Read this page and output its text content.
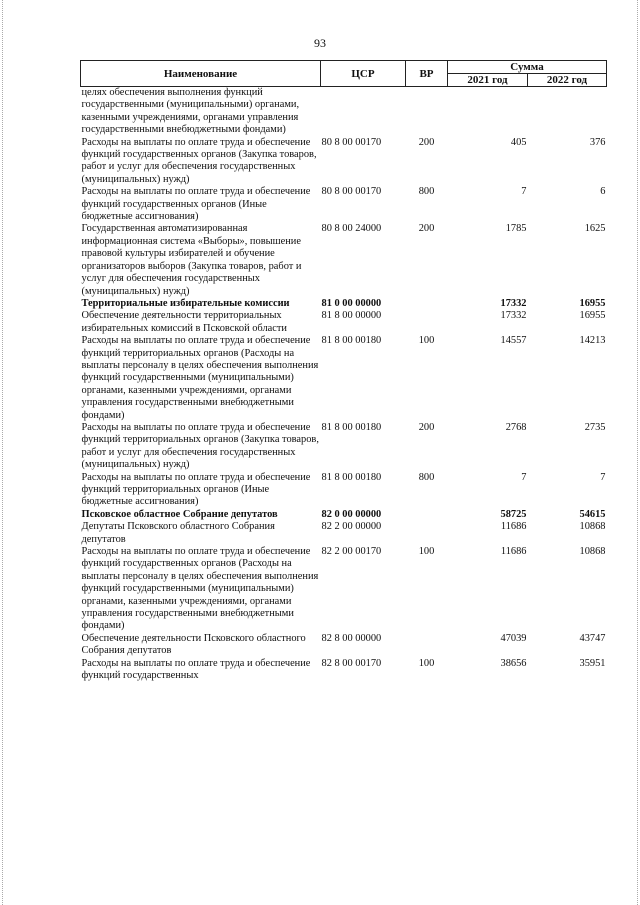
93
Наименование	ЦСР	ВР	Сумма	
			2021 год	2022 год
целях обеспечения выполнения функций государственными (муниципальными) органами, казенными учреждениями, органами управления государственными внебюджетными фондами)				
Расходы на выплаты по оплате труда и обеспечение функций государственных органов (Закупка товаров, работ и услуг для обеспечения государственных (муниципальных) нужд)	80 8 00 00170	200	405	376
Расходы на выплаты по оплате труда и обеспечение функций государственных органов (Иные бюджетные ассигнования)	80 8 00 00170	800	7	6
Государственная автоматизированная информационная система «Выборы», повышение правовой культуры избирателей и обучение организаторов выборов (Закупка товаров, работ и услуг для обеспечения государственных (муниципальных) нужд)	80 8 00 24000	200	1785	1625
Территориальные избирательные комиссии	81 0 00 00000		17332	16955
Обеспечение деятельности территориальных избирательных комиссий в Псковской области	81 8 00 00000		17332	16955
Расходы на выплаты по оплате труда и обеспечение функций территориальных органов (Расходы на выплаты персоналу в целях обеспечения выполнения функций государственными (муниципальными) органами, казенными учреждениями, органами управления государственными внебюджетными фондами)	81 8 00 00180	100	14557	14213
Расходы на выплаты по оплате труда и обеспечение функций территориальных органов (Закупка товаров, работ и услуг для обеспечения государственных (муниципальных) нужд)	81 8 00 00180	200	2768	2735
Расходы на выплаты по оплате труда и обеспечение функций территориальных органов (Иные бюджетные ассигнования)	81 8 00 00180	800	7	7
Псковское областное Собрание депутатов	82 0 00 00000		58725	54615
Депутаты Псковского областного Собрания депутатов	82 2 00 00000		11686	10868
Расходы на выплаты по оплате труда и обеспечение функций государственных органов (Расходы на выплаты персоналу в целях обеспечения выполнения функций государственными (муниципальными) органами, казенными учреждениями, органами управления государственными внебюджетными фондами)	82 2 00 00170	100	11686	10868
Обеспечение деятельности Псковского областного Собрания депутатов	82 8 00 00000		47039	43747
Расходы на выплаты по оплате труда и обеспечение функций государственных	82 8 00 00170	100	38656	35951
